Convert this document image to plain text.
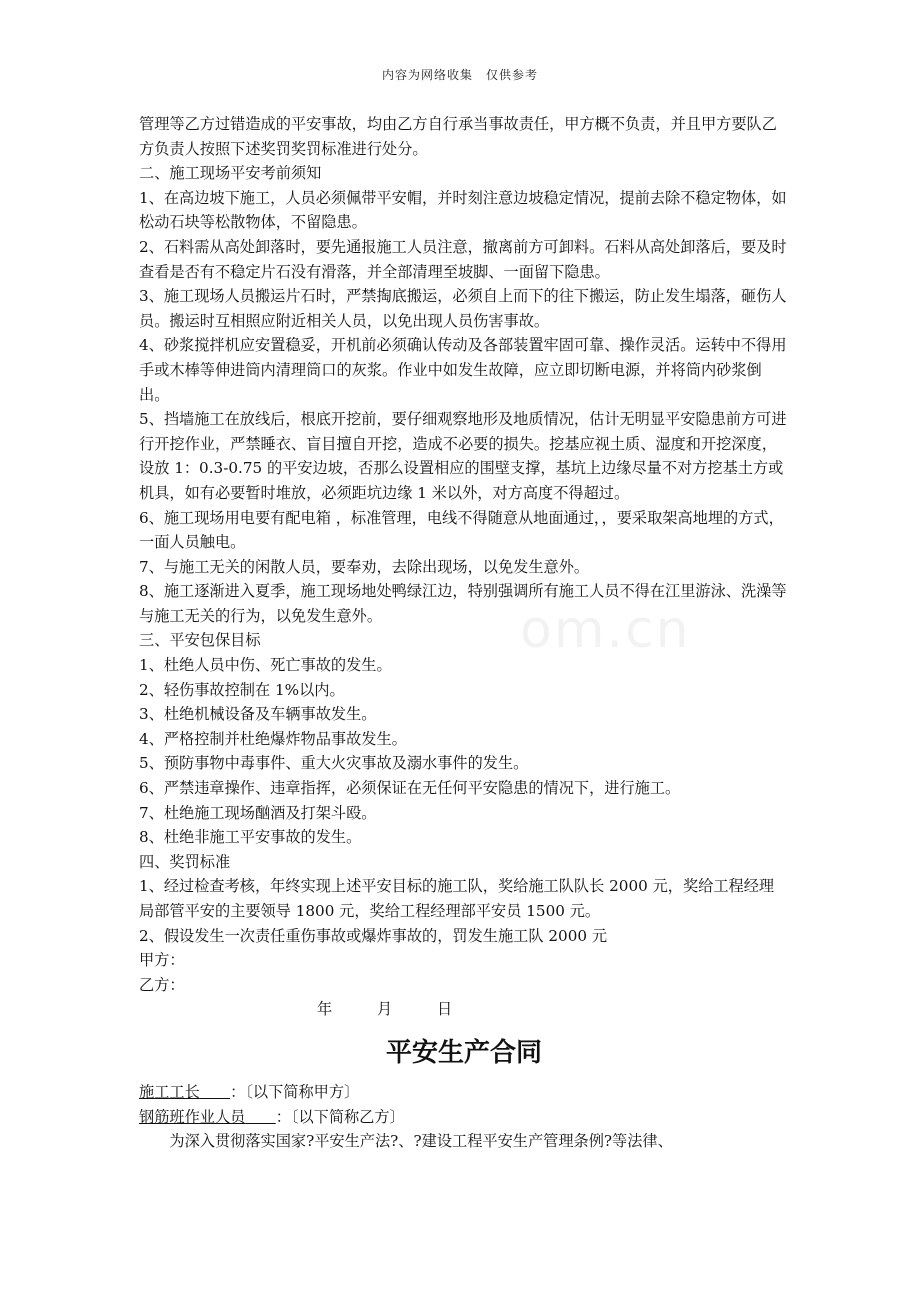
内容为网络收集　仅供参考
om.cn

管理等乙方过错造成的平安事故，均由乙方自行承当事故责任，甲方概不负责，并且甲方要队乙方负责人按照下述奖罚奖罚标准进行处分。

二、施工现场平安考前须知

1、在高边坡下施工，人员必须佩带平安帽，并时刻注意边坡稳定情况，提前去除不稳定物体，如松动石块等松散物体，不留隐患。

2、石料需从高处卸落时，要先通报施工人员注意，撤离前方可卸料。石料从高处卸落后，要及时查看是否有不稳定片石没有滑落，并全部清理至坡脚、一面留下隐患。

3、施工现场人员搬运片石时，严禁掏底搬运，必须自上而下的往下搬运，防止发生塌落，砸伤人员。搬运时互相照应附近相关人员，以免出现人员伤害事故。

4、砂浆搅拌机应安置稳妥，开机前必须确认传动及各部装置牢固可靠、操作灵活。运转中不得用手或木棒等伸进筒内清理筒口的灰浆。作业中如发生故障，应立即切断电源，并将筒内砂浆倒出。

5、挡墙施工在放线后，根底开挖前，要仔细观察地形及地质情况，估计无明显平安隐患前方可进行开挖作业，严禁睡衣、盲目擅自开挖，造成不必要的损失。挖基应视土质、湿度和开挖深度，设放 1：0.3-0.75 的平安边坡，否那么设置相应的围壁支撑，基坑上边缘尽量不对方挖基土方或机具，如有必要暂时堆放，必须距坑边缘 1 米以外，对方高度不得超过。

6、施工现场用电要有配电箱 ，标准管理，电线不得随意从地面通过，，要采取架高地埋的方式，一面人员触电。

7、与施工无关的闲散人员，要奉劝，去除出现场，以免发生意外。

8、施工逐渐进入夏季，施工现场地处鸭绿江边，特别强调所有施工人员不得在江里游泳、洗澡等与施工无关的行为，以免发生意外。

三、平安包保目标

1、杜绝人员中伤、死亡事故的发生。

2、轻伤事故控制在 1%以内。

3、杜绝机械设备及车辆事故发生。

4、严格控制并杜绝爆炸物品事故发生。

5、预防事物中毒事件、重大火灾事故及溺水事件的发生。

6、严禁违章操作、违章指挥，必须保证在无任何平安隐患的情况下，进行施工。

7、杜绝施工现场酗酒及打架斗殴。

8、杜绝非施工平安事故的发生。

四、奖罚标准

1、经过检查考核，年终实现上述平安目标的施工队，奖给施工队队长 2000 元，奖给工程经理局部管平安的主要领导 1800 元，奖给工程经理部平安员 1500 元。

2、假设发生一次责任重伤事故或爆炸事故的，罚发生施工队 2000 元

甲方：

乙方：

年	月	日

平安生产合同

施工工长　　 ：〔以下简称甲方〕

钢筋班作业人员　　 ：〔以下简称乙方〕

为深入贯彻落实国家?平安生产法?、?建设工程平安生产管理条例?等法律、
